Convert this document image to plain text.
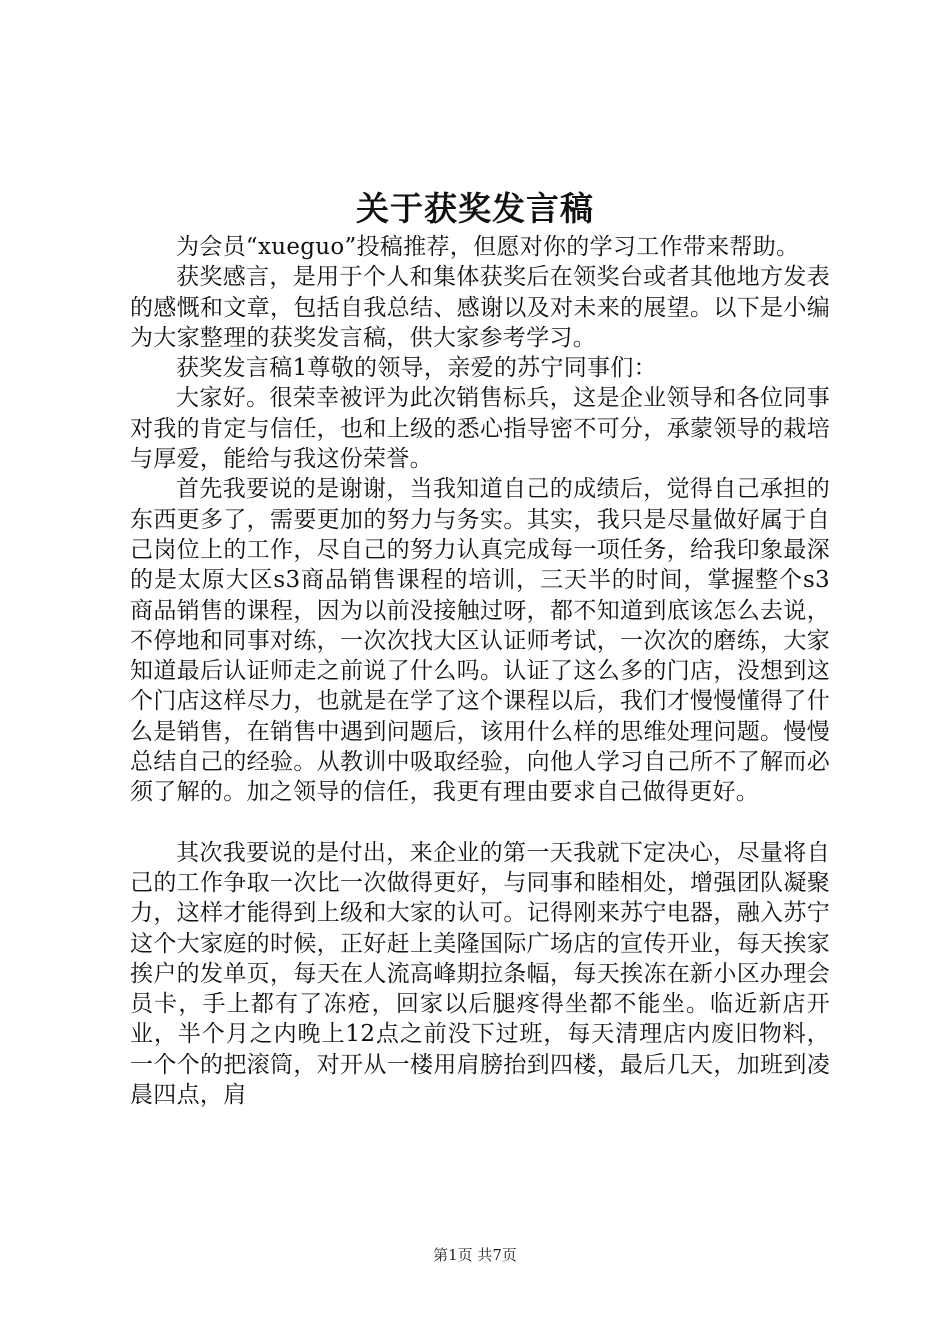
关于获奖发言稿

为会员“xueguo”投稿推荐，但愿对你的学习工作带来帮助。

获奖感言，是用于个人和集体获奖后在领奖台或者其他地方发表的感慨和文章，包括自我总结、感谢以及对未来的展望。以下是小编为大家整理的获奖发言稿，供大家参考学习。

获奖发言稿1尊敬的领导，亲爱的苏宁同事们：

大家好。很荣幸被评为此次销售标兵，这是企业领导和各位同事对我的肯定与信任，也和上级的悉心指导密不可分，承蒙领导的栽培与厚爱，能给与我这份荣誉。

首先我要说的是谢谢，当我知道自己的成绩后，觉得自己承担的东西更多了，需要更加的努力与务实。其实，我只是尽量做好属于自己岗位上的工作，尽自己的努力认真完成每一项任务，给我印象最深的是太原大区s3商品销售课程的培训，三天半的时间，掌握整个s3商品销售的课程，因为以前没接触过呀，都不知道到底该怎么去说，不停地和同事对练，一次次找大区认证师考试，一次次的磨练，大家知道最后认证师走之前说了什么吗。认证了这么多的门店，没想到这个门店这样尽力，也就是在学了这个课程以后，我们才慢慢懂得了什么是销售，在销售中遇到问题后，该用什么样的思维处理问题。慢慢总结自己的经验。从教训中吸取经验，向他人学习自己所不了解而必须了解的。加之领导的信任，我更有理由要求自己做得更好。

其次我要说的是付出，来企业的第一天我就下定决心，尽量将自己的工作争取一次比一次做得更好，与同事和睦相处，增强团队凝聚力，这样才能得到上级和大家的认可。记得刚来苏宁电器，融入苏宁这个大家庭的时候，正好赶上美隆国际广场店的宣传开业，每天挨家挨户的发单页，每天在人流高峰期拉条幅，每天挨冻在新小区办理会员卡，手上都有了冻疮，回家以后腿疼得坐都不能坐。临近新店开业，半个月之内晚上12点之前没下过班，每天清理店内废旧物料，一个个的把滚筒，对开从一楼用肩膀抬到四楼，最后几天，加班到凌晨四点，肩

第1页 共7页
